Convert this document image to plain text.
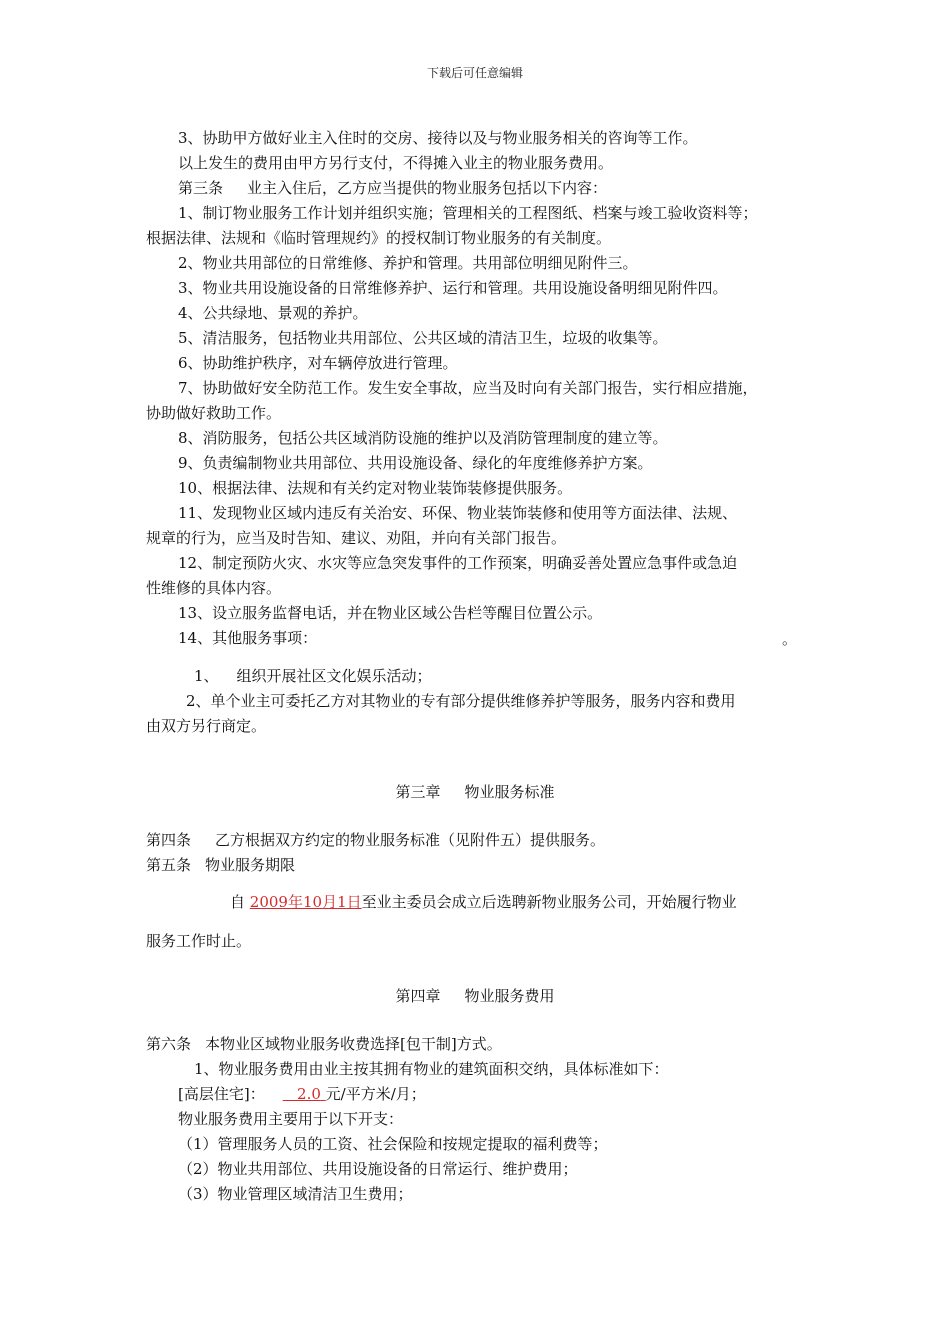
下载后可任意编辑
3、协助甲方做好业主入住时的交房、接待以及与物业服务相关的咨询等工作。
以上发生的费用由甲方另行支付，不得摊入业主的物业服务费用。
第三条 业主入住后，乙方应当提供的物业服务包括以下内容：
1、制订物业服务工作计划并组织实施；管理相关的工程图纸、档案与竣工验收资料等；
根据法律、法规和《临时管理规约》的授权制订物业服务的有关制度。
2、物业共用部位的日常维修、养护和管理。共用部位明细见附件三。
3、物业共用设施设备的日常维修养护、运行和管理。共用设施设备明细见附件四。
4、公共绿地、景观的养护。
5、清洁服务，包括物业共用部位、公共区域的清洁卫生，垃圾的收集等。
6、协助维护秩序，对车辆停放进行管理。
7、协助做好安全防范工作。发生安全事故，应当及时向有关部门报告，实行相应措施，
协助做好救助工作。
8、消防服务，包括公共区域消防设施的维护以及消防管理制度的建立等。
9、负责编制物业共用部位、共用设施设备、绿化的年度维修养护方案。
10、根据法律、法规和有关约定对物业装饰装修提供服务。
11、发现物业区域内违反有关治安、环保、物业装饰装修和使用等方面法律、法规、
规章的行为，应当及时告知、建议、劝阻，并向有关部门报告。
12、制定预防火灾、水灾等应急突发事件的工作预案，明确妥善处置应急事件或急迫
性维修的具体内容。
13、设立服务监督电话，并在物业区域公告栏等醒目位置公示。
14、其他服务事项：	。
1、 组织开展社区文化娱乐活动；
2、单个业主可委托乙方对其物业的专有部分提供维修养护等服务，服务内容和费用
由双方另行商定。
第三章 物业服务标准
第四条 乙方根据双方约定的物业服务标准（见附件五）提供服务。
第五条 物业服务期限
自 2009年10月1日至业主委员会成立后选聘新物业服务公司，开始履行物业
服务工作时止。
第四章 物业服务费用
第六条 本物业区域物业服务收费选择[包干制]方式。
1、物业服务费用由业主按其拥有物业的建筑面积交纳，具体标准如下：
[高层住宅]： 2.0 元/平方米/月；
物业服务费用主要用于以下开支：
（1）管理服务人员的工资、社会保险和按规定提取的福利费等；
（2）物业共用部位、共用设施设备的日常运行、维护费用；
（3）物业管理区域清洁卫生费用；
